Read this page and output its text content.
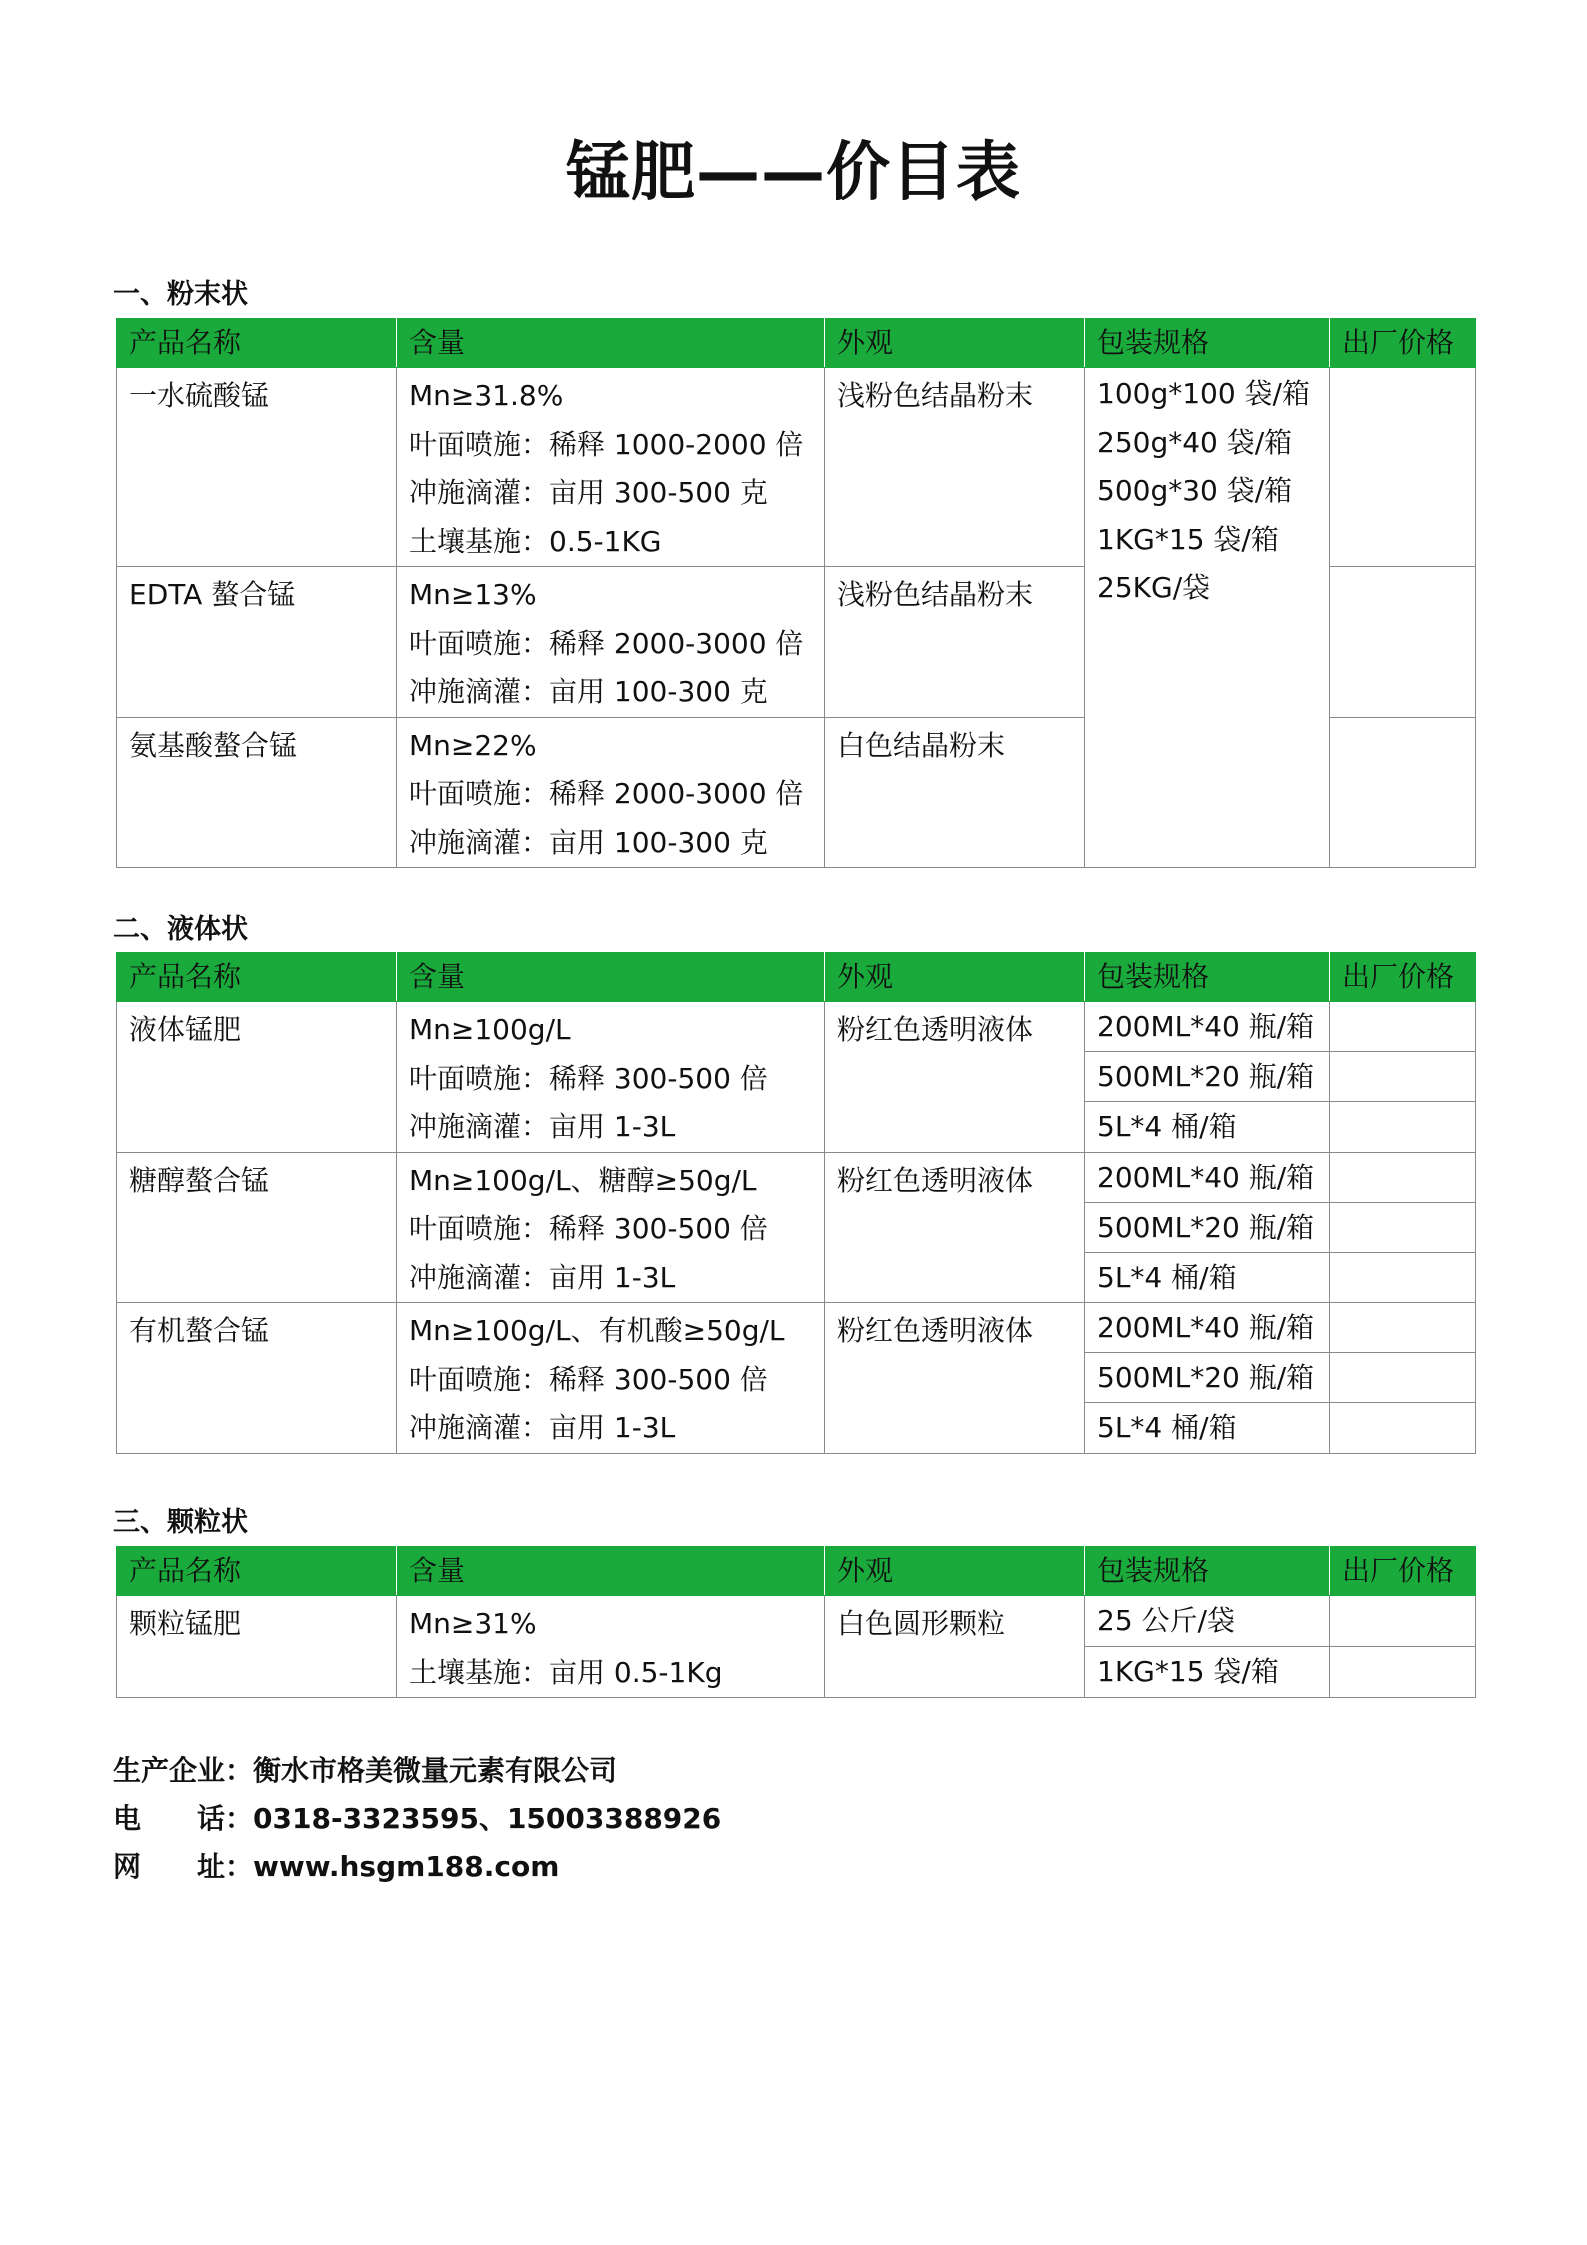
锰肥——价目表
一、粉末状
产品名称	含量	外观	包装规格	出厂价格
一水硫酸锰	Mn≥31.8%
叶面喷施：稀释 1000-2000 倍
冲施滴灌：亩用 300-500 克
土壤基施：0.5-1KG	浅粉色结晶粉末	100g*100 袋/箱
250g*40 袋/箱
500g*30 袋/箱
1KG*15 袋/箱
25KG/袋	

EDTA 螯合锰	Mn≥13%
叶面喷施：稀释 2000-3000 倍
冲施滴灌：亩用 100-300 克	浅粉色结晶粉末		
氨基酸螯合锰	Mn≥22%
叶面喷施：稀释 2000-3000 倍
冲施滴灌：亩用 100-300 克	白色结晶粉末		
二、液体状
产品名称	含量	外观	包装规格	出厂价格
液体锰肥	Mn≥100g/L
叶面喷施：稀释 300-500 倍
冲施滴灌：亩用 1-3L	粉红色透明液体	200ML*40 瓶/箱	
			500ML*20 瓶/箱	
			5L*4 桶/箱	
糖醇螯合锰	Mn≥100g/L、糖醇≥50g/L
叶面喷施：稀释 300-500 倍
冲施滴灌：亩用 1-3L	粉红色透明液体	200ML*40 瓶/箱	
			500ML*20 瓶/箱	
			5L*4 桶/箱	
有机螯合锰	Mn≥100g/L、有机酸≥50g/L
叶面喷施：稀释 300-500 倍
冲施滴灌：亩用 1-3L	粉红色透明液体	200ML*40 瓶/箱	
			500ML*20 瓶/箱	
			5L*4 桶/箱	
三、颗粒状
产品名称	含量	外观	包装规格	出厂价格
颗粒锰肥	Mn≥31%
土壤基施：亩用 0.5-1Kg	白色圆形颗粒	25 公斤/袋	
			1KG*15 袋/箱	
生产企业：衡水市格美微量元素有限公司
电　　话：0318-3323595、15003388926
网　　址：www.hsgm188.com
